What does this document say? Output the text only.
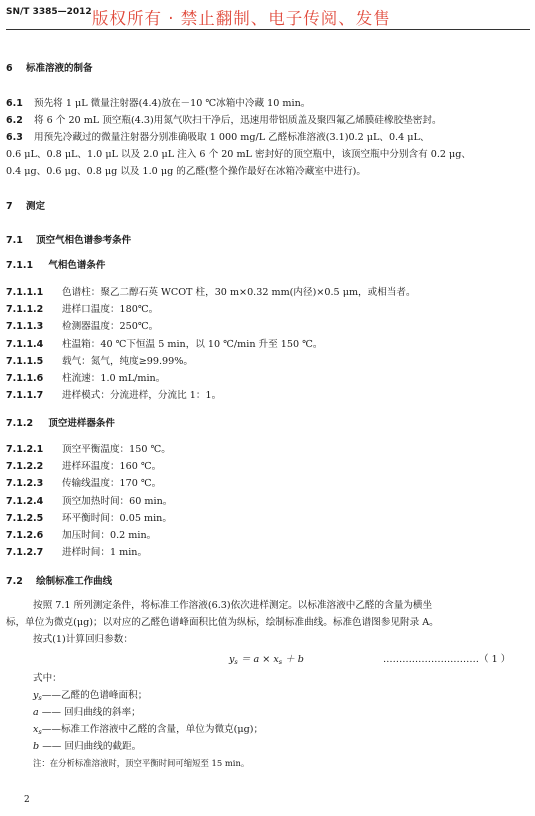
SN/T 3385—2012 版权所有 · 禁止翻制、电子传阅、发售
6 标准溶液的制备
6.1 预先将 1 μL 微量注射器(4.4)放在－10 ℃冰箱中冷藏 10 min。
6.2 将 6 个 20 mL 顶空瓶(4.3)用氮气吹扫干净后，迅速用带铝质盖及聚四氟乙烯膜硅橡胶垫密封。
6.3 用预先冷藏过的微量注射器分别准确吸取 1 000 mg/L 乙醛标准溶液(3.1)0.2 μL、0.4 μL、
0.6 μL、0.8 μL、1.0 μL 以及 2.0 μL 注入 6 个 20 mL 密封好的顶空瓶中，该顶空瓶中分别含有 0.2 μg、
0.4 μg、0.6 μg、0.8 μg 以及 1.0 μg 的乙醛(整个操作最好在冰箱冷藏室中进行)。
7 测定
7.1 顶空气相色谱参考条件
7.1.1 气相色谱条件
7.1.1.1 色谱柱：聚乙二醇石英 WCOT 柱，30 m×0.32 mm(内径)×0.5 μm，或相当者。
7.1.1.2 进样口温度：180℃。
7.1.1.3 检测器温度：250℃。
7.1.1.4 柱温箱：40 ℃下恒温 5 min，以 10 ℃/min 升至 150 ℃。
7.1.1.5 载气：氮气，纯度≥99.99%。
7.1.1.6 柱流速：1.0 mL/min。
7.1.1.7 进样模式：分流进样，分流比 1：1。
7.1.2 顶空进样器条件
7.1.2.1 顶空平衡温度：150 ℃。
7.1.2.2 进样环温度：160 ℃。
7.1.2.3 传输线温度：170 ℃。
7.1.2.4 顶空加热时间：60 min。
7.1.2.5 环平衡时间：0.05 min。
7.1.2.6 加压时间：0.2 min。
7.1.2.7 进样时间：1 min。
7.2 绘制标准工作曲线
按照 7.1 所列测定条件，将标准工作溶液(6.3)依次进样测定。以标准溶液中乙醛的含量为横坐
标，单位为微克(μg)；以对应的乙醛色谱峰面积比值为纵标，绘制标准曲线。标准色谱图参见附录 A。
按式(1)计算回归参数：
$y_s = a \times x_s + b$	…………………………（ 1 ）
式中：
$y_s——$乙醛的色谱峰面积；
a —— 回归曲线的斜率；
$x_s——$标准工作溶液中乙醛的含量，单位为微克(μg)；
b —— 回归曲线的截距。
注：在分析标准溶液时，顶空平衡时间可缩短至 15 min。
2
